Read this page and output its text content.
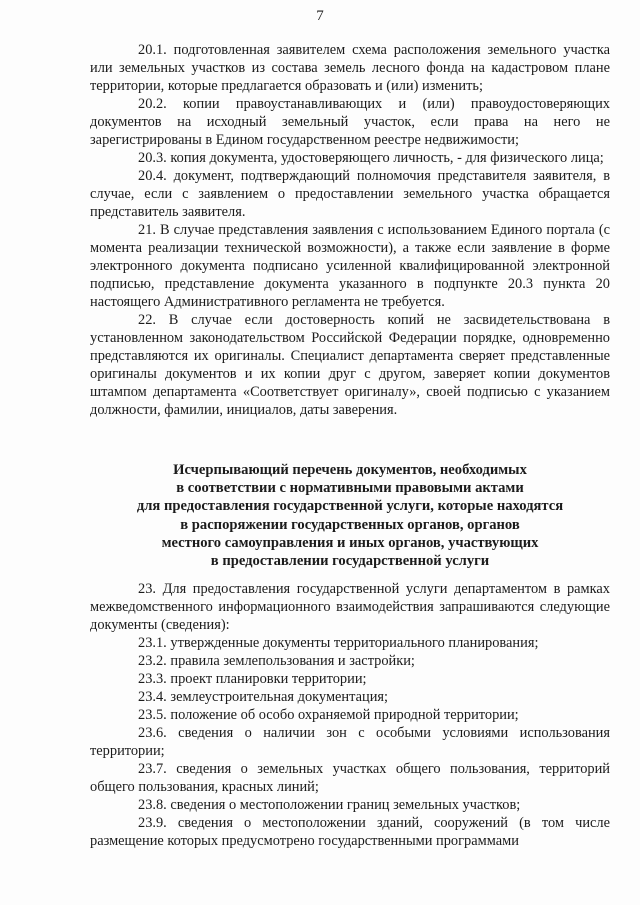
7

20.1. подготовленная заявителем схема расположения земельного участка или земельных участков из состава земель лесного фонда на кадастровом плане территории, которые предлагается образовать и (или) изменить;

20.2. копии правоустанавливающих и (или) правоудостоверяющих документов на исходный земельный участок, если права на него не зарегистрированы в Едином государственном реестре недвижимости;

20.3. копия документа, удостоверяющего личность, - для физического лица;

20.4. документ, подтверждающий полномочия представителя заявителя, в случае, если с заявлением о предоставлении земельного участка обращается представитель заявителя.

21. В случае представления заявления с использованием Единого портала (с момента реализации технической возможности), а также если заявление в форме электронного документа подписано усиленной квалифицированной электронной подписью, представление документа указанного в подпункте 20.3 пункта 20 настоящего Административного регламента не требуется.

22. В случае если достоверность копий не засвидетельствована в установленном законодательством Российской Федерации порядке, одновременно представляются их оригиналы. Специалист департамента сверяет представленные оригиналы документов и их копии друг с другом, заверяет копии документов штампом департамента «Соответствует оригиналу», своей подписью с указанием должности, фамилии, инициалов, даты заверения.

Исчерпывающий перечень документов, необходимых
в соответствии с нормативными правовыми актами
для предоставления государственной услуги, которые находятся
в распоряжении государственных органов, органов
местного самоуправления и иных органов, участвующих
в предоставлении государственной услуги

23. Для предоставления государственной услуги департаментом в рамках межведомственного информационного взаимодействия запрашиваются следующие документы (сведения):

23.1. утвержденные документы территориального планирования;

23.2. правила землепользования и застройки;

23.3. проект планировки территории;

23.4. землеустроительная документация;

23.5. положение об особо охраняемой природной территории;

23.6. сведения о наличии зон с особыми условиями использования территории;

23.7. сведения о земельных участках общего пользования, территорий общего пользования, красных линий;

23.8. сведения о местоположении границ земельных участков;

23.9. сведения о местоположении зданий, сооружений (в том числе размещение которых предусмотрено государственными программами
